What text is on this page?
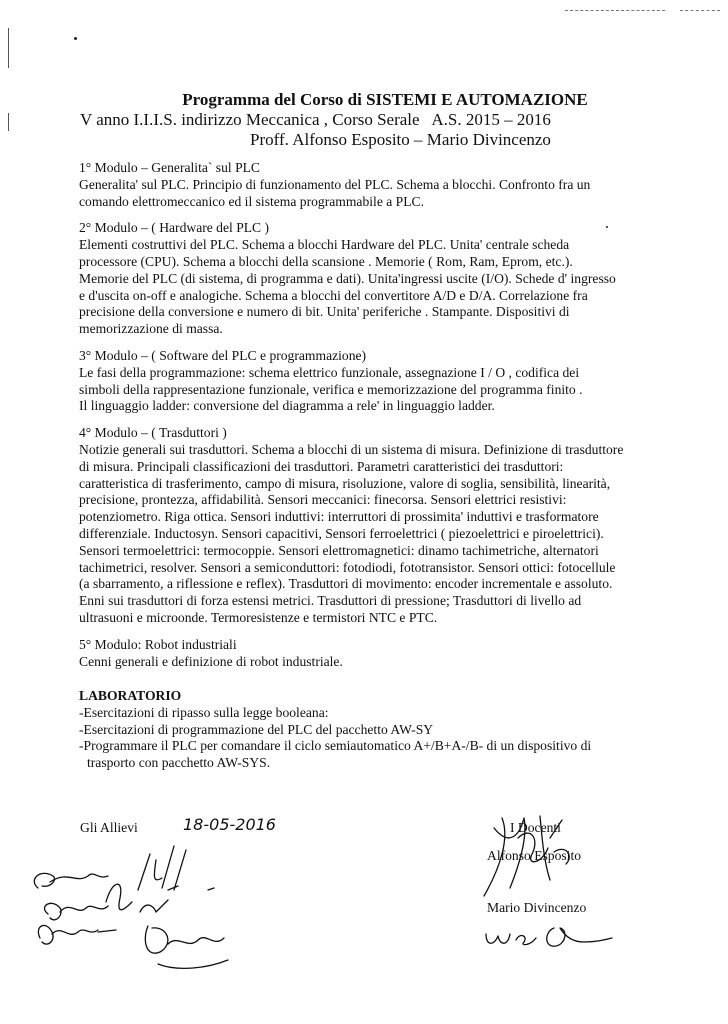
Programma del Corso di SISTEMI E AUTOMAZIONE

V anno I.I.I.S. indirizzo Meccanica , Corso Serale   A.S. 2015 – 2016

Proff. Alfonso Esposito – Mario Divincenzo

1° Modulo – Generalita` sul PLC

Generalita' sul PLC. Principio di funzionamento del PLC. Schema a blocchi. Confronto fra un

comando elettromeccanico ed il sistema programmabile a PLC.

2° Modulo – ( Hardware del PLC )

Elementi costruttivi del PLC. Schema a blocchi Hardware del PLC. Unita' centrale scheda

processore (CPU). Schema a blocchi della scansione . Memorie ( Rom, Ram, Eprom, etc.).

Memorie del PLC (di sistema, di programma e dati). Unita'ingressi uscite (I/O). Schede d' ingresso

e d'uscita on-off e analogiche. Schema a blocchi del convertitore A/D e D/A. Correlazione fra

precisione della conversione e numero di bit. Unita' periferiche . Stampante. Dispositivi di

memorizzazione di massa.

3° Modulo – ( Software del PLC e programmazione)

Le fasi della programmazione: schema elettrico funzionale, assegnazione I / O , codifica dei

simboli della rappresentazione funzionale, verifica e memorizzazione del programma finito .

Il linguaggio ladder: conversione del diagramma a rele' in linguaggio ladder.

4° Modulo – ( Trasduttori )

Notizie generali sui trasduttori. Schema a blocchi di un sistema di misura. Definizione di trasduttore

di misura. Principali classificazioni dei trasduttori. Parametri caratteristici dei trasduttori:

caratteristica di trasferimento, campo di misura, risoluzione, valore di soglia, sensibilità, linearità,

precisione, prontezza, affidabilità. Sensori meccanici: finecorsa. Sensori elettrici resistivi:

potenziometro. Riga ottica. Sensori induttivi: interruttori di prossimita' induttivi e trasformatore

differenziale. Inductosyn. Sensori capacitivi, Sensori ferroelettrici ( piezoelettrici e piroelettrici).

Sensori termoelettrici: termocoppie. Sensori elettromagnetici: dinamo tachimetriche, alternatori

tachimetrici, resolver. Sensori a semiconduttori: fotodiodi, fototransistor. Sensori ottici: fotocellule

(a sbarramento, a riflessione e reflex). Trasduttori di movimento: encoder incrementale e assoluto.

Enni sui trasduttori di forza estensi metrici. Trasduttori di pressione; Trasduttori di livello ad

ultrasuoni e microonde. Termoresistenze e termistori NTC e PTC.

5° Modulo: Robot industriali

Cenni generali e definizione di robot industriale.

LABORATORIO

-Esercitazioni di ripasso sulla legge booleana:

-Esercitazioni di programmazione del PLC del pacchetto AW-SY

-Programmare il PLC per comandare il ciclo semiautomatico A+/B+A-/B- di un dispositivo di

trasporto con pacchetto AW-SYS.

Gli Allievi	18-05-2016	I Docenti
Alfonso Esposito
Mario Divincenzo
